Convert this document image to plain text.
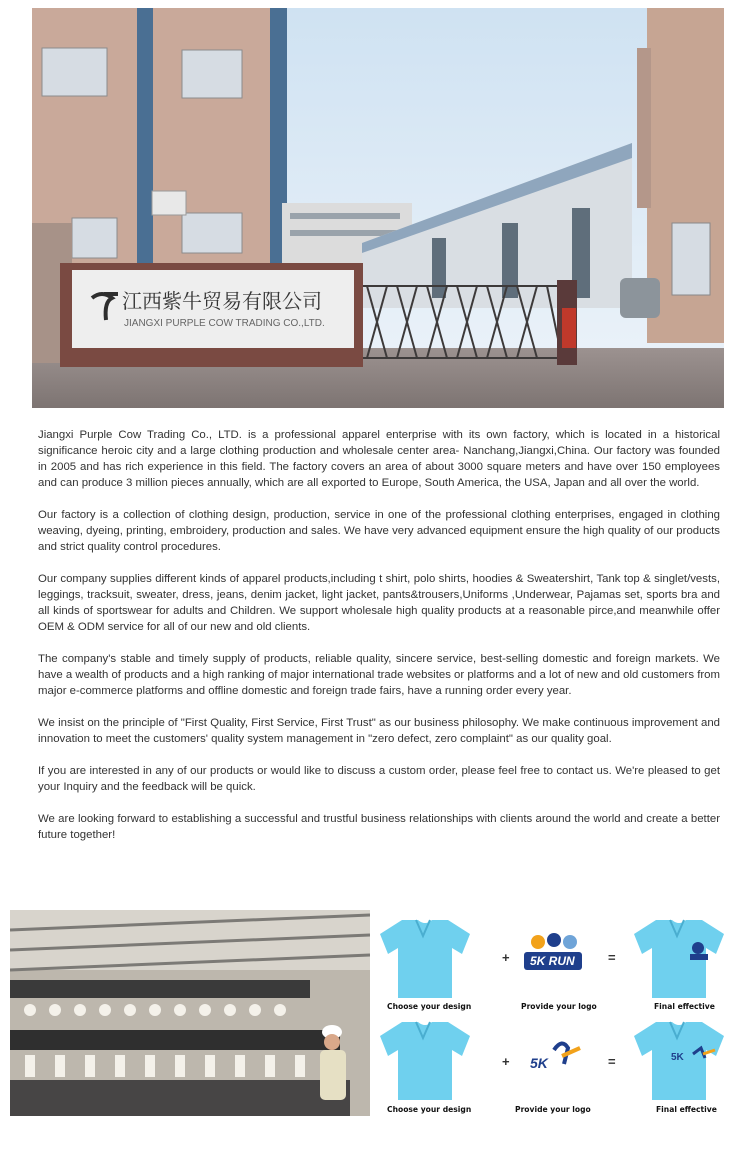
江西紫牛贸易有限公司
JIANGXI PURPLE COW TRADING CO.,LTD.

Jiangxi Purple Cow Trading Co., LTD. is a professional apparel enterprise with its own factory, which is located in a historical significance heroic city and a large clothing production and wholesale center area- Nanchang,Jiangxi,China. Our factory was founded in 2005 and has rich experience in this field. The factory covers an area of about 3000 square meters and have over 150 employees and can produce 3 million pieces annually, which are all exported to Europe, South America, the USA, Japan and all over the world.

Our factory is a collection of clothing design, production, service in one of the professional clothing enterprises, engaged in clothing weaving, dyeing, printing, embroidery, production and sales. We have very advanced equipment ensure the high quality of our products and strict quality control procedures.

Our company supplies different kinds of apparel products,including t shirt, polo shirts, hoodies & Sweatershirt, Tank top & singlet/vests, leggings, tracksuit, sweater, dress, jeans, denim jacket, light jacket, pants&trousers,Uniforms ,Underwear, Pajamas set, sports bra and all kinds of sportswear for adults and Children. We support wholesale high quality products at a reasonable pirce,and meanwhile offer OEM & ODM service for all of our new and old clients.

The company's stable and timely supply of products, reliable quality, sincere service, best-selling domestic and foreign markets. We have a wealth of products and a high ranking of major international trade websites or platforms and a lot of new and old customers from major e-commerce platforms and offline domestic and foreign trade fairs, have a running order every year.

We insist on the principle of "First Quality, First Service, First Trust" as our business philosophy. We make continuous improvement and innovation to meet the customers' quality system management in "zero defect, zero complaint" as our quality goal.

If you are interested in any of our products or would like to discuss a custom order, please feel free to contact us. We're pleased to get your Inquiry and the feedback will be quick.

We are looking forward to establishing a successful and trustful business relationships with clients around the world and create a better future together!

5K
5K RUN
5K
+	=
+	=
Choose your design	Provide your logo	Final effective
Choose your design	Provide your logo	Final effective
